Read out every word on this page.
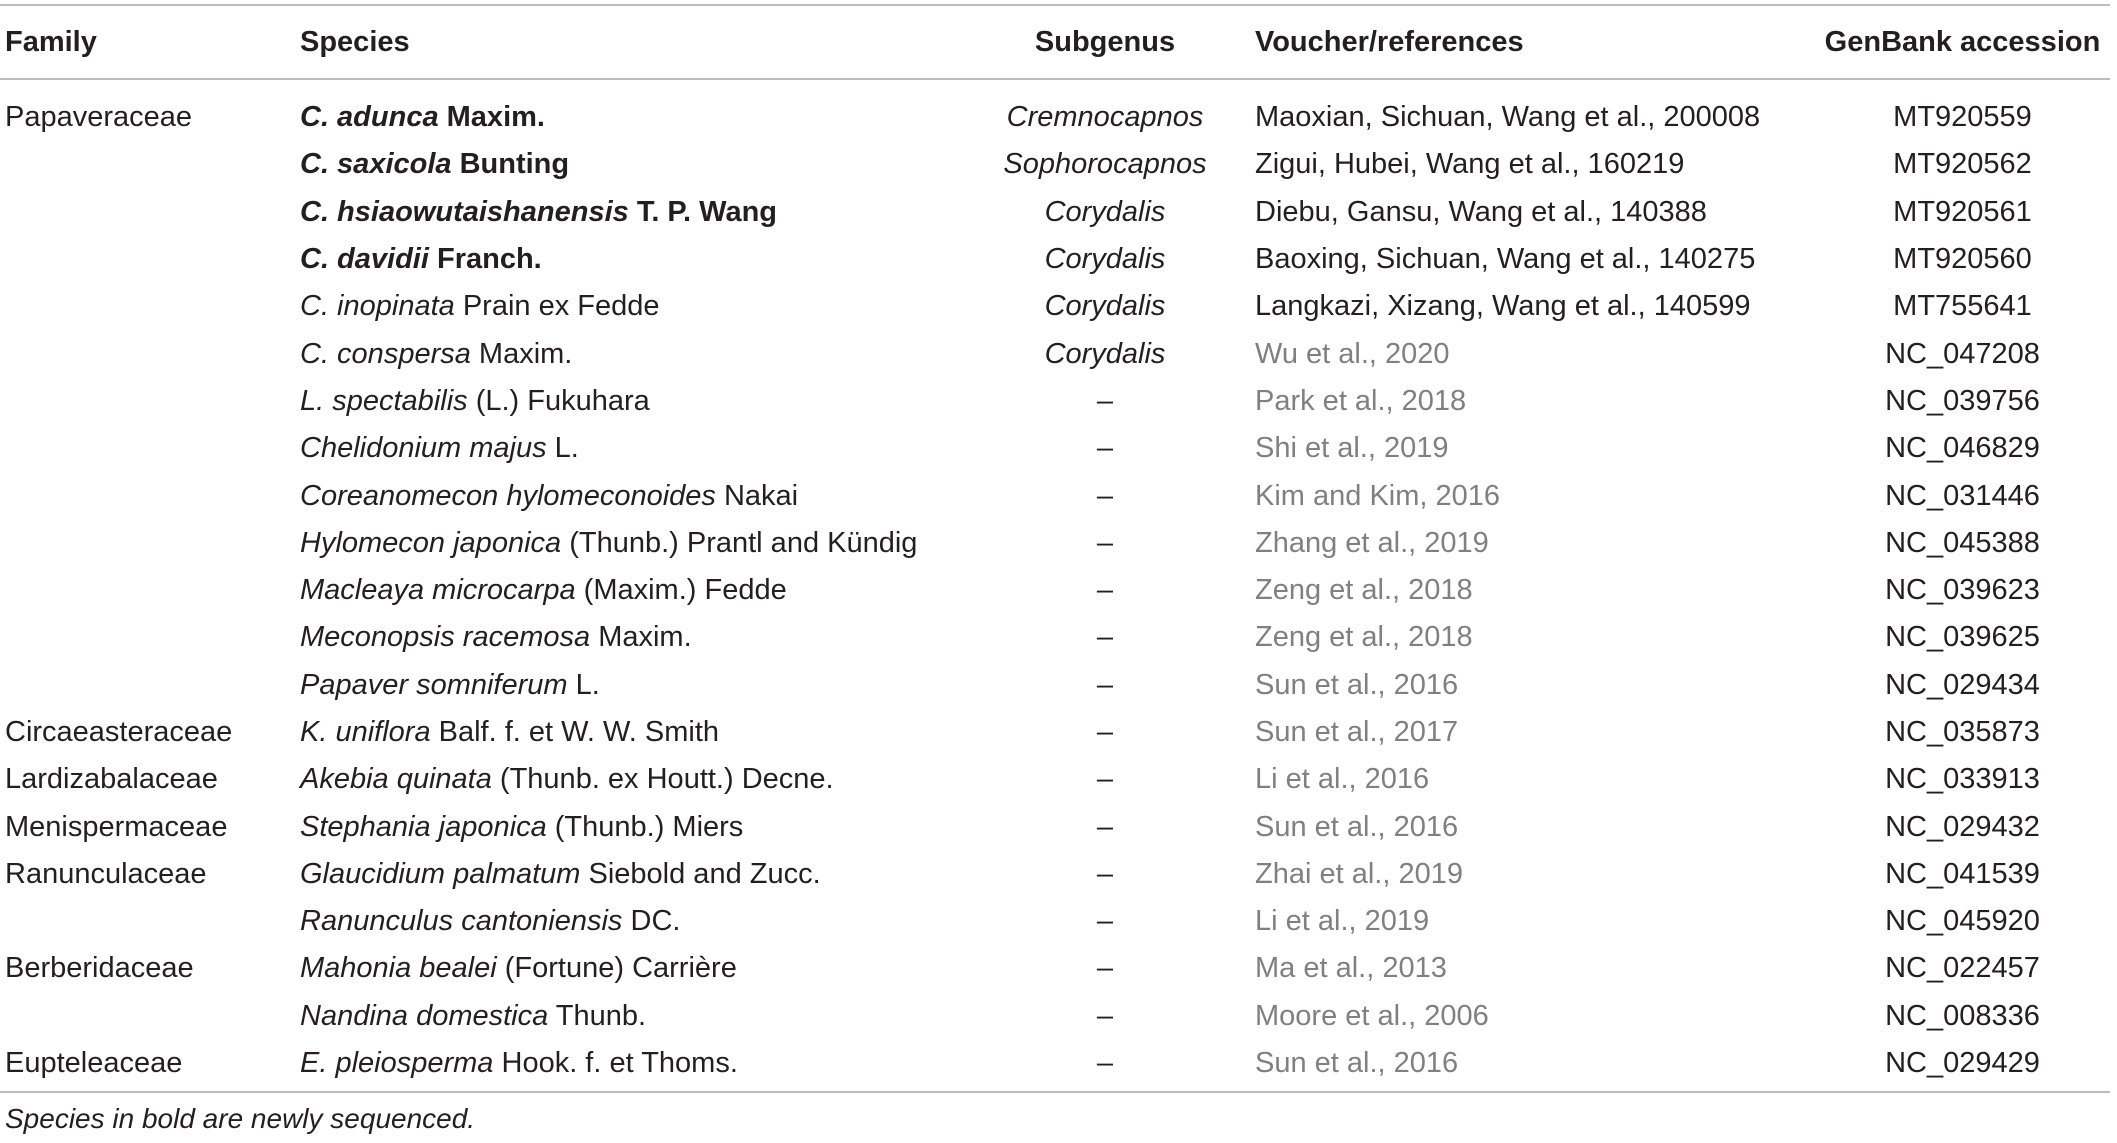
Family	Species	Subgenus	Voucher/references	GenBank accession
Papaveraceae	C. adunca Maxim.	Cremnocapnos	Maoxian, Sichuan, Wang et al., 200008	MT920559
	C. saxicola Bunting	Sophorocapnos	Zigui, Hubei, Wang et al., 160219	MT920562
	C. hsiaowutaishanensis T. P. Wang	Corydalis	Diebu, Gansu, Wang et al., 140388	MT920561
	C. davidii Franch.	Corydalis	Baoxing, Sichuan, Wang et al., 140275	MT920560
	C. inopinata Prain ex Fedde	Corydalis	Langkazi, Xizang, Wang et al., 140599	MT755641
	C. conspersa Maxim.	Corydalis	Wu et al., 2020	NC_047208
	L. spectabilis (L.) Fukuhara	–	Park et al., 2018	NC_039756
	Chelidonium majus L.	–	Shi et al., 2019	NC_046829
	Coreanomecon hylomeconoides Nakai	–	Kim and Kim, 2016	NC_031446
	Hylomecon japonica (Thunb.) Prantl and Kündig	–	Zhang et al., 2019	NC_045388
	Macleaya microcarpa (Maxim.) Fedde	–	Zeng et al., 2018	NC_039623
	Meconopsis racemosa Maxim.	–	Zeng et al., 2018	NC_039625
	Papaver somniferum L.	–	Sun et al., 2016	NC_029434
Circaeasteraceae	K. uniflora Balf. f. et W. W. Smith	–	Sun et al., 2017	NC_035873
Lardizabalaceae	Akebia quinata (Thunb. ex Houtt.) Decne.	–	Li et al., 2016	NC_033913
Menispermaceae	Stephania japonica (Thunb.) Miers	–	Sun et al., 2016	NC_029432
Ranunculaceae	Glaucidium palmatum Siebold and Zucc.	–	Zhai et al., 2019	NC_041539
	Ranunculus cantoniensis DC.	–	Li et al., 2019	NC_045920
Berberidaceae	Mahonia bealei (Fortune) Carrière	–	Ma et al., 2013	NC_022457
	Nandina domestica Thunb.	–	Moore et al., 2006	NC_008336
Eupteleaceae	E. pleiosperma Hook. f. et Thoms.	–	Sun et al., 2016	NC_029429
Species in bold are newly sequenced.
